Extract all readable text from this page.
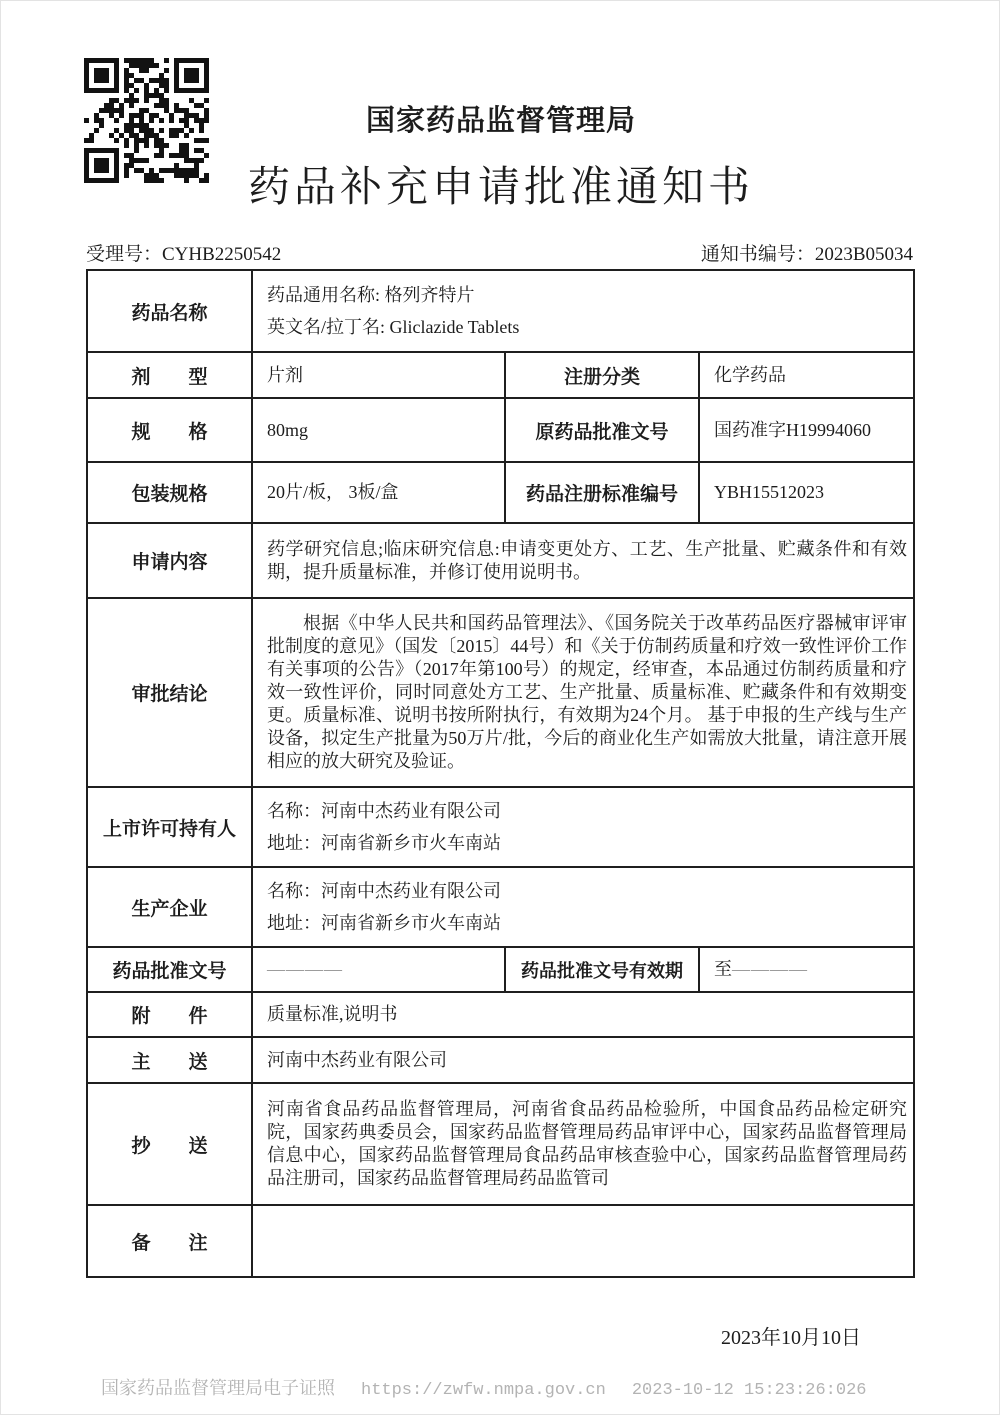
国家药品监督管理局
药品补充申请批准通知书
受理号：CYHB2250542	通知书编号：2023B05034
药品名称	药品通用名称: 格列齐特片
英文名/拉丁名: Gliclazide Tablets		

剂　　型	片剂	注册分类	化学药品
规　　格	80mg	原药品批准文号	国药准字H19994060
包装规格	20片/板， 3板/盒	药品注册标准编号	YBH15512023
申请内容	药学研究信息;临床研究信息:申请变更处方、工艺、生产批量、贮藏条件和有效期，提升质量标准，并修订使用说明书。		
审批结论	根据《中华人民共和国药品管理法》、《国务院关于改革药品医疗器械审评审批制度的意见》（国发〔2015〕44号）和《关于仿制药质量和疗效一致性评价工作有关事项的公告》（2017年第100号）的规定，经审查，本品通过仿制药质量和疗效一致性评价，同时同意处方工艺、生产批量、质量标准、贮藏条件和有效期变更。质量标准、说明书按所附执行，有效期为24个月。 基于申报的生产线与生产设备，拟定生产批量为50万片/批，今后的商业化生产如需放大批量，请注意开展相应的放大研究及验证。		
上市许可持有人	名称：河南中杰药业有限公司
地址：河南省新乡市火车南站		

生产企业	名称：河南中杰药业有限公司
地址：河南省新乡市火车南站		

药品批准文号	————	药品批准文号有效期	至————
附　　件	质量标准,说明书		
主　　送	河南中杰药业有限公司		
抄　　送	河南省食品药品监督管理局，河南省食品药品检验所，中国食品药品检定研究院，国家药典委员会，国家药品监督管理局药品审评中心，国家药品监督管理局信息中心，国家药品监督管理局食品药品审核查验中心，国家药品监督管理局药品注册司，国家药品监督管理局药品监管司		
备　　注			
2023年10月10日
国家药品监督管理局电子证照 https://zwfw.nmpa.gov.cn 2023-10-12 15:23:26:026
